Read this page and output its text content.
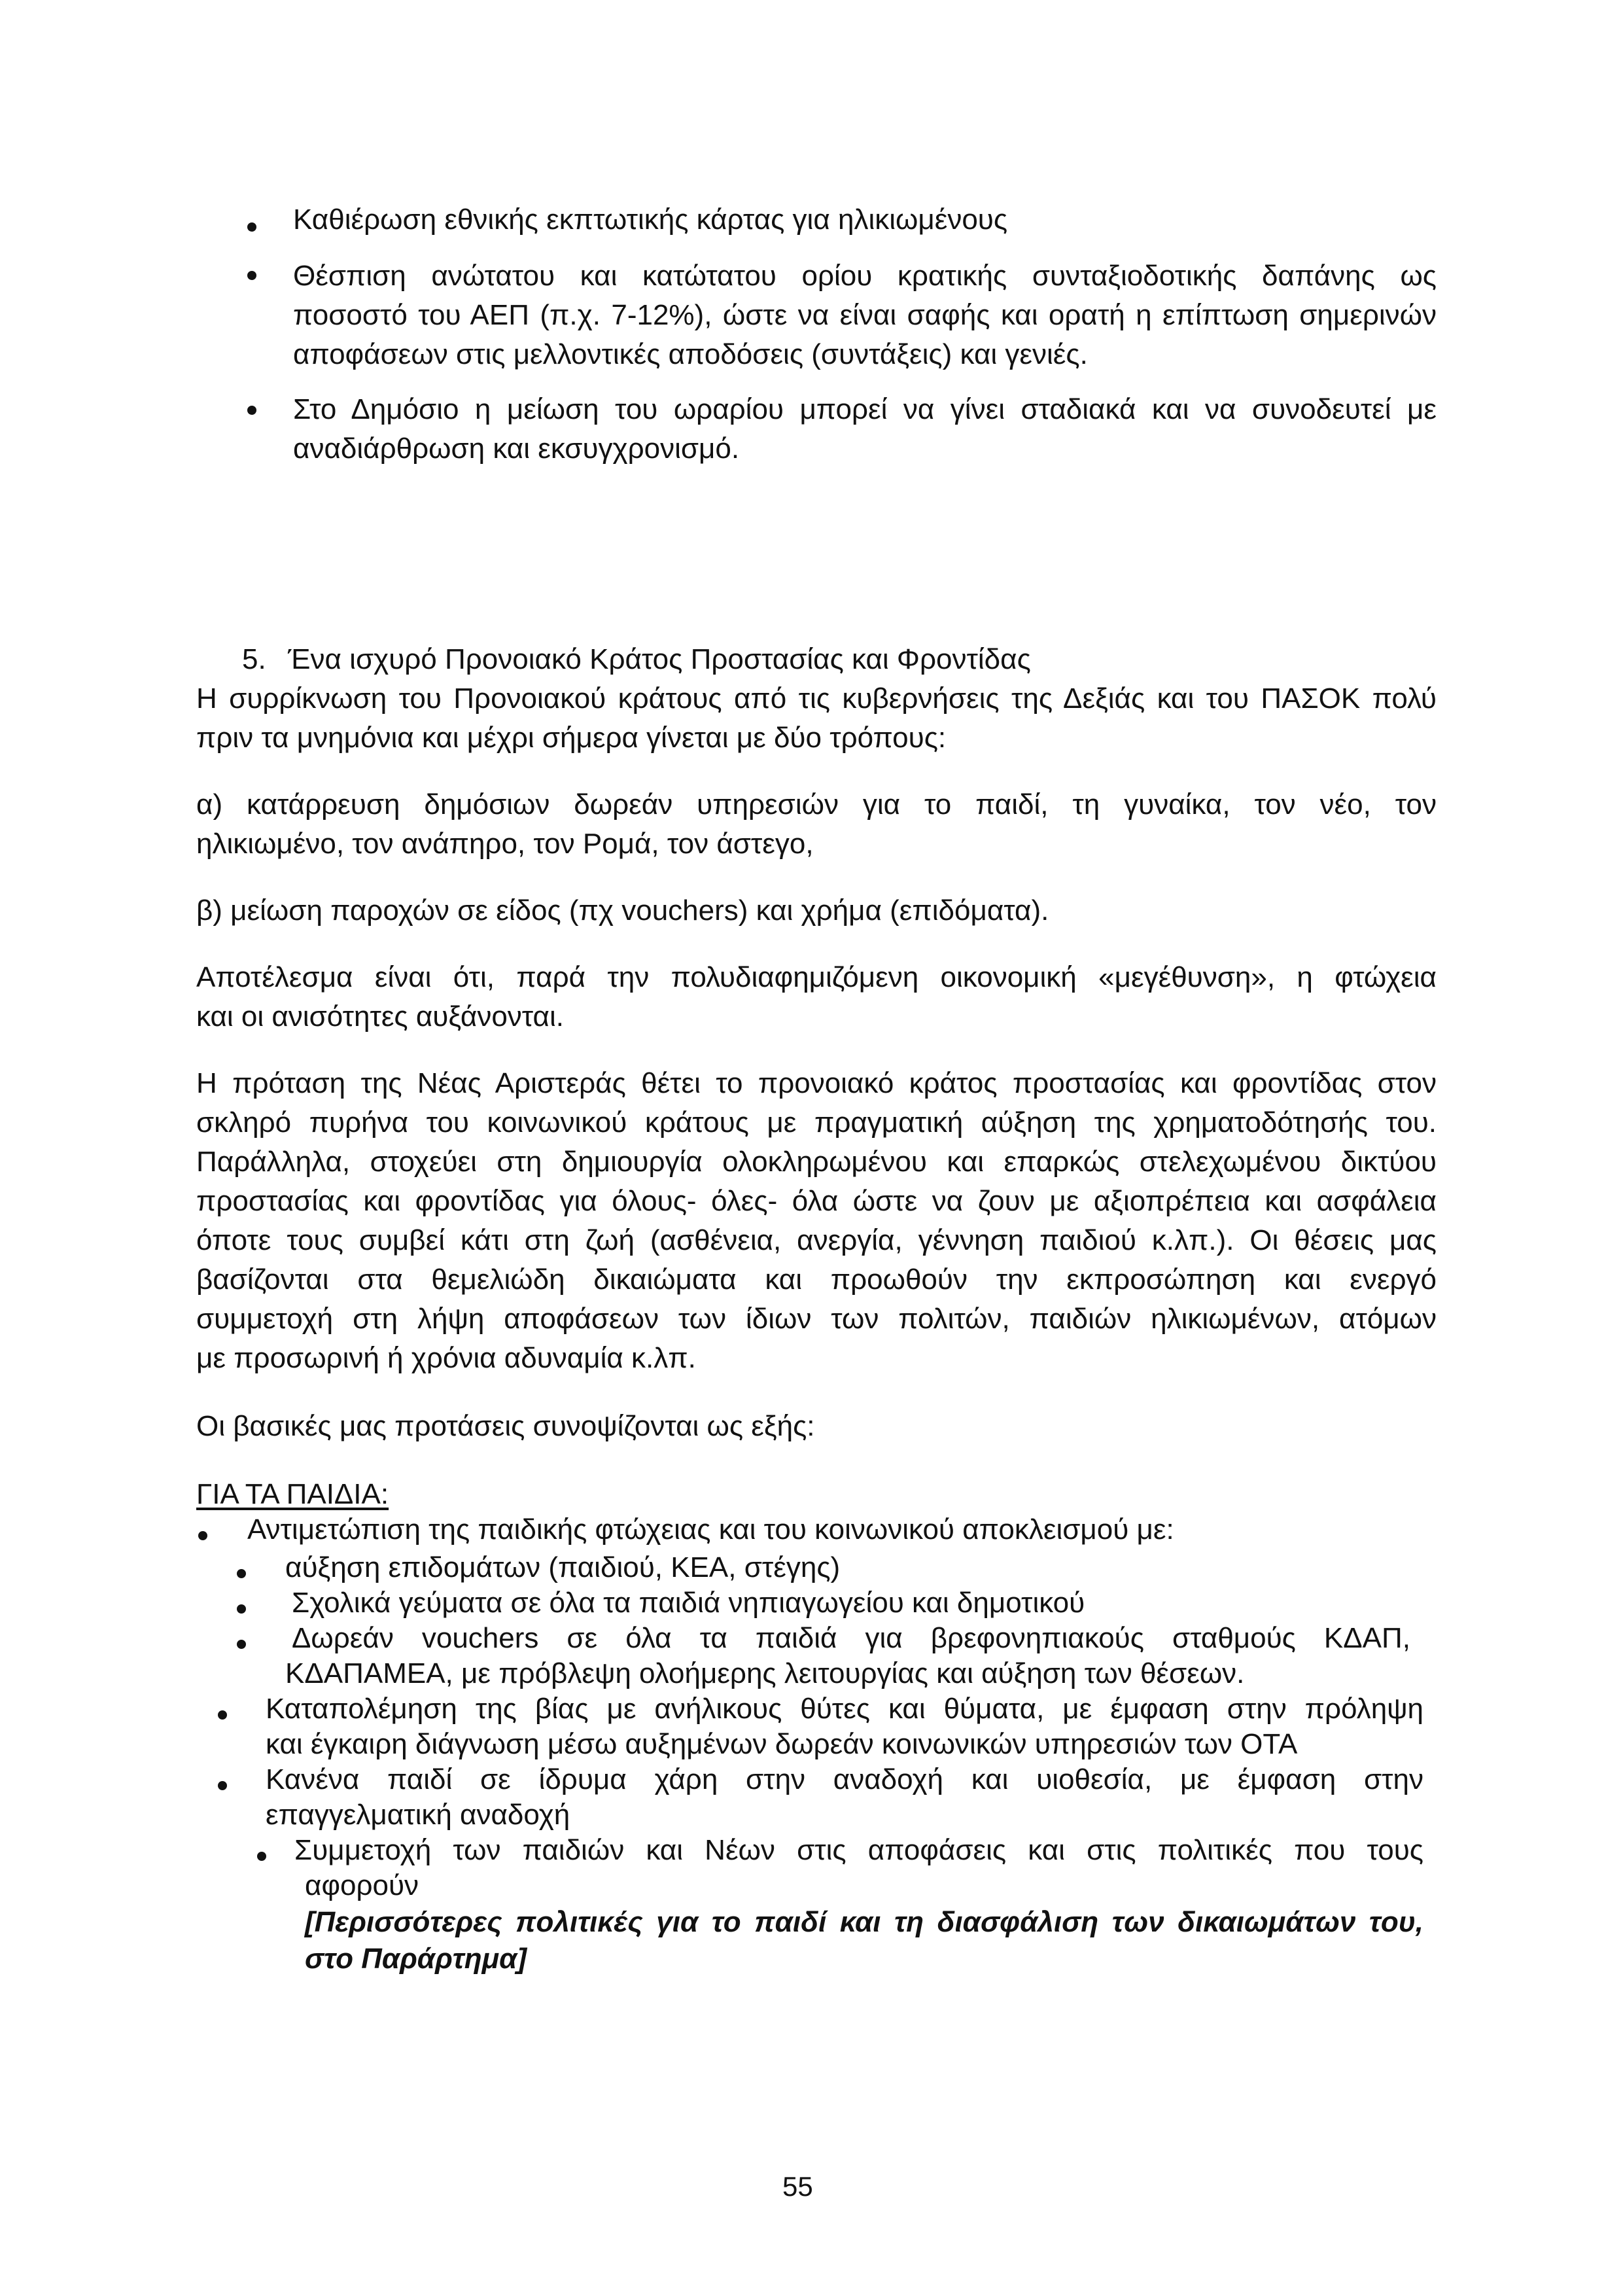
Καθιέρωση εθνικής εκπτωτικής κάρτας για ηλικιωμένους
Θέσπιση ανώτατου και κατώτατου ορίου κρατικής συνταξιοδοτικής δαπάνης ως
ποσοστό του ΑΕΠ (π.χ. 7-12%), ώστε να είναι σαφής και ορατή η επίπτωση σημερινών
αποφάσεων στις μελλοντικές αποδόσεις (συντάξεις) και γενιές.
Στο Δημόσιο η μείωση του ωραρίου μπορεί να γίνει σταδιακά και να συνοδευτεί με
αναδιάρθρωση και εκσυγχρονισμό.
5. Ένα ισχυρό Προνοιακό Κράτος Προστασίας και Φροντίδας
Η συρρίκνωση του Προνοιακού κράτους από τις κυβερνήσεις της Δεξιάς και του ΠΑΣΟΚ πολύ
πριν τα μνημόνια και μέχρι σήμερα γίνεται με δύο τρόπους:
α) κατάρρευση δημόσιων δωρεάν υπηρεσιών για το παιδί, τη γυναίκα, τον νέο, τον
ηλικιωμένο, τον ανάπηρο, τον Ρομά, τον άστεγο,
β) μείωση παροχών σε είδος (πχ vouchers) και χρήμα (επιδόματα).
Αποτέλεσμα είναι ότι, παρά την πολυδιαφημιζόμενη οικονομική «μεγέθυνση», η φτώχεια
και οι ανισότητες αυξάνονται.
Η πρόταση της Νέας Αριστεράς θέτει το προνοιακό κράτος προστασίας και φροντίδας στον
σκληρό πυρήνα του κοινωνικού κράτους με πραγματική αύξηση της χρηματοδότησής του.
Παράλληλα, στοχεύει στη δημιουργία ολοκληρωμένου και επαρκώς στελεχωμένου δικτύου
προστασίας και φροντίδας για όλους- όλες- όλα ώστε να ζουν με αξιοπρέπεια και ασφάλεια
όποτε τους συμβεί κάτι στη ζωή (ασθένεια, ανεργία, γέννηση παιδιού κ.λπ.). Οι θέσεις μας
βασίζονται στα θεμελιώδη δικαιώματα και προωθούν την εκπροσώπηση και ενεργό
συμμετοχή στη λήψη αποφάσεων των ίδιων των πολιτών, παιδιών ηλικιωμένων, ατόμων
με προσωρινή ή χρόνια αδυναμία κ.λπ.
Οι βασικές μας προτάσεις συνοψίζονται ως εξής:
ΓΙΑ ΤΑ ΠΑΙΔΙΑ:
Αντιμετώπιση της παιδικής φτώχειας και του κοινωνικού αποκλεισμού με:
αύξηση επιδομάτων (παιδιού, ΚΕΑ, στέγης)
Σχολικά γεύματα σε όλα τα παιδιά νηπιαγωγείου και δημοτικού
Δωρεάν vouchers σε όλα τα παιδιά για βρεφονηπιακούς σταθμούς ΚΔΑΠ,
ΚΔΑΠΑΜΕΑ, με πρόβλεψη ολοήμερης λειτουργίας και αύξηση των θέσεων.
Καταπολέμηση της βίας με ανήλικους θύτες και θύματα, με έμφαση στην πρόληψη
και έγκαιρη διάγνωση μέσω αυξημένων δωρεάν κοινωνικών υπηρεσιών των ΟΤΑ
Κανένα παιδί σε ίδρυμα χάρη στην αναδοχή και υιοθεσία, με έμφαση στην
επαγγελματική αναδοχή
Συμμετοχή των παιδιών και Νέων στις αποφάσεις και στις πολιτικές που τους
αφορούν
[Περισσότερες πολιτικές για το παιδί και τη διασφάλιση των δικαιωμάτων του,
στο Παράρτημα]
55
